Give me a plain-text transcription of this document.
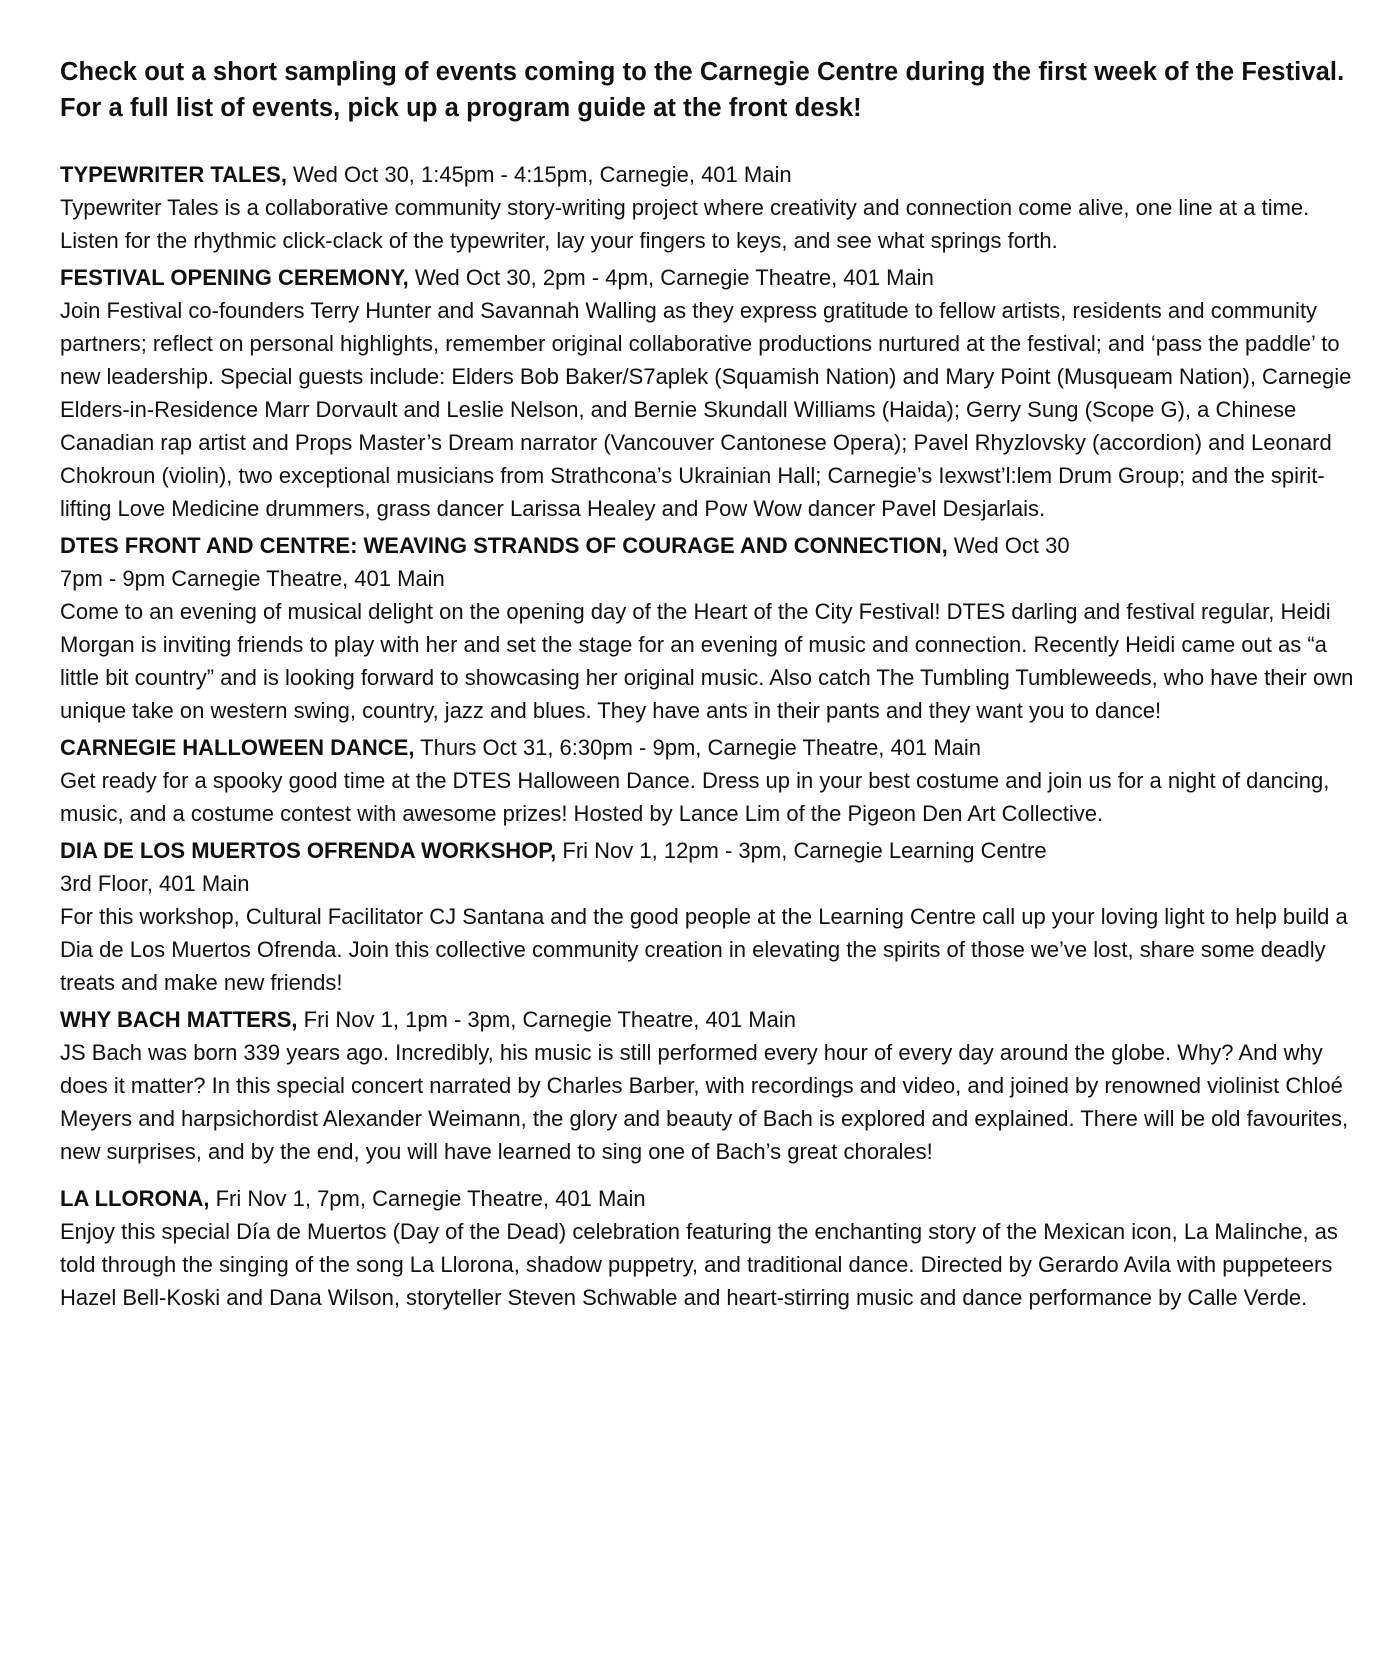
Check out a short sampling of events coming to the Carnegie Centre during the first week of the Festival. For a full list of events, pick up a program guide at the front desk!

TYPEWRITER TALES, Wed Oct 30, 1:45pm - 4:15pm, Carnegie, 401 Main

Typewriter Tales is a collaborative community story-writing project where creativity and connection come alive, one line at a time. Listen for the rhythmic click-clack of the typewriter, lay your fingers to keys, and see what springs forth.

FESTIVAL OPENING CEREMONY, Wed Oct 30, 2pm - 4pm, Carnegie Theatre, 401 Main

Join Festival co-founders Terry Hunter and Savannah Walling as they express gratitude to fellow artists, residents and community partners; reflect on personal highlights, remember original collaborative productions nurtured at the festival; and ‘pass the paddle’ to new leadership. Special guests include: Elders Bob Baker/S7aplek (Squamish Nation) and Mary Point (Musqueam Nation), Carnegie Elders-in-Residence Marr Dorvault and Leslie Nelson, and Bernie Skundall Williams (Haida); Gerry Sung (Scope G), a Chinese Canadian rap artist and Props Master’s Dream narrator (Vancouver Cantonese Opera); Pavel Rhyzlovsky (accordion) and Leonard Chokroun (violin), two exceptional musicians from Strathcona’s Ukrainian Hall; Carnegie’s Iexwst’l:lem Drum Group; and the spirit-lifting Love Medicine drummers, grass dancer Larissa Healey and Pow Wow dancer Pavel Desjarlais.

DTES FRONT AND CENTRE: WEAVING STRANDS OF COURAGE AND CONNECTION, Wed Oct 30
7pm - 9pm Carnegie Theatre, 401 Main

Come to an evening of musical delight on the opening day of the Heart of the City Festival! DTES darling and festival regular, Heidi Morgan is inviting friends to play with her and set the stage for an evening of music and connection. Recently Heidi came out as “a little bit country” and is looking forward to showcasing her original music. Also catch The Tumbling Tumbleweeds, who have their own unique take on western swing, country, jazz and blues. They have ants in their pants and they want you to dance!

CARNEGIE HALLOWEEN DANCE, Thurs Oct 31, 6:30pm - 9pm, Carnegie Theatre, 401 Main

Get ready for a spooky good time at the DTES Halloween Dance. Dress up in your best costume and join us for a night of dancing, music, and a costume contest with awesome prizes! Hosted by Lance Lim of the Pigeon Den Art Collective.

DIA DE LOS MUERTOS OFRENDA WORKSHOP, Fri Nov 1, 12pm - 3pm, Carnegie Learning Centre
3rd Floor, 401 Main

For this workshop, Cultural Facilitator CJ Santana and the good people at the Learning Centre call up your loving light to help build a Dia de Los Muertos Ofrenda. Join this collective community creation in elevating the spirits of those we’ve lost, share some deadly treats and make new friends!

WHY BACH MATTERS, Fri Nov 1, 1pm - 3pm, Carnegie Theatre, 401 Main

JS Bach was born 339 years ago. Incredibly, his music is still performed every hour of every day around the globe. Why? And why does it matter? In this special concert narrated by Charles Barber, with recordings and video, and joined by renowned violinist Chloé Meyers and harpsichordist Alexander Weimann, the glory and beauty of Bach is explored and explained. There will be old favourites, new surprises, and by the end, you will have learned to sing one of Bach’s great chorales!

LA LLORONA, Fri Nov 1, 7pm, Carnegie Theatre, 401 Main

Enjoy this special Día de Muertos (Day of the Dead) celebration featuring the enchanting story of the Mexican icon, La Malinche, as told through the singing of the song La Llorona, shadow puppetry, and traditional dance. Directed by Gerardo Avila with puppeteers Hazel Bell-Koski and Dana Wilson, storyteller Steven Schwable and heart-stirring music and dance performance by Calle Verde.
